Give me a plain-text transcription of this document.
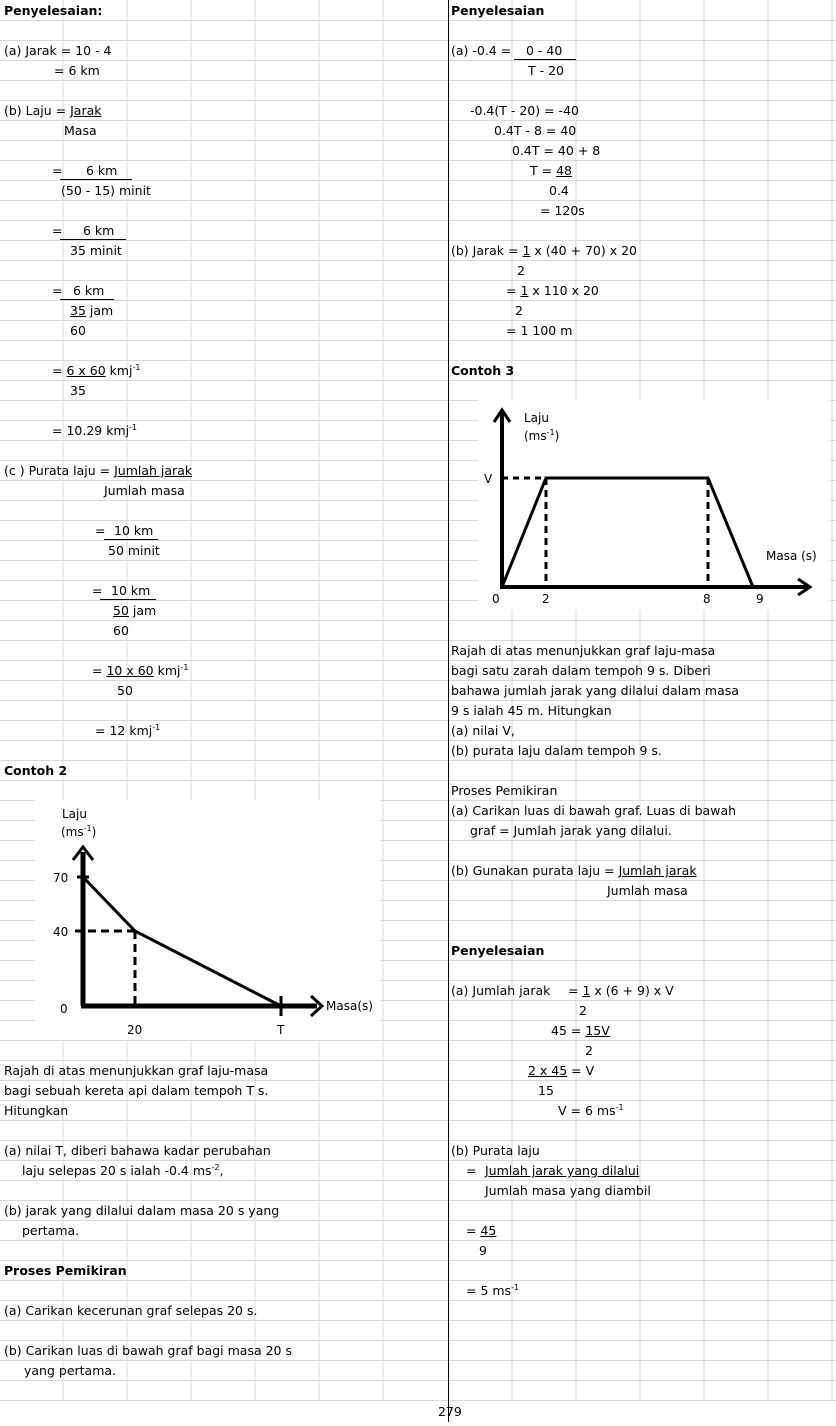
Penyelesaian:
(a) Jarak = 10 - 4
= 6 km
(b) Laju = Jarak
Masa
= 6 km
(50 - 15) minit
= 6 km
35 minit
= 6 km
35 jam
60
= 6 x 60 kmj$^{-1}$
35
= 10.29 kmj$^{-1}$
(c ) Purata laju = Jumlah jarak
Jumlah masa
= 10 km
50 minit
= 10 km
50 jam
60
= 10 x 60 kmj$^{-1}$
50
= 12 kmj$^{-1}$
Contoh 2
Laju
$(ms^{-1})$
70
40
0
20	T
Masa(s)
Rajah di atas menunjukkan graf laju-masa
bagi sebuah kereta api dalam tempoh T s.
Hitungkan
(a) nilai T, diberi bahawa kadar perubahan
laju selepas 20 s ialah -0.4 $ms^{-2}$,
(b) jarak yang dilalui dalam masa 20 s yang
pertama.
Proses Pemikiran
(a) Carikan kecerunan graf selepas 20 s.
(b) Carikan luas di bawah graf bagi masa 20 s
yang pertama.
Penyelesaian
(a) -0.4 = 0 - 40
T - 20
-0.4(T - 20) = -40
0.4T - 8 = 40
0.4T = 40 + 8
T = 48
0.4
= 120s
(b) Jarak = 1 x (40 + 70) x 20
2
= 1 x 110 x 20
2
= 1 100 m
Contoh 3
Laju
$(ms^{-1})$
V
0	2	8	9
Masa (s)
Rajah di atas menunjukkan graf laju-masa
bagi satu zarah dalam tempoh 9 s. Diberi
bahawa jumlah jarak yang dilalui dalam masa
9 s ialah 45 m. Hitungkan
(a) nilai V,
(b) purata laju dalam tempoh 9 s.
Proses Pemikiran
(a) Carikan luas di bawah graf. Luas di bawah
graf = Jumlah jarak yang dilalui.
(b) Gunakan purata laju = Jumlah jarak
Jumlah masa
Penyelesaian
(a) Jumlah jarak = 1 x (6 + 9) x V
2
45 = 15V
2
2 x 45 = V
15
V = 6 $ms^{-1}$
(b) Purata laju
= Jumlah jarak yang dilalui
Jumlah masa yang diambil
= 45
9
= 5 $ms^{-1}$
279
